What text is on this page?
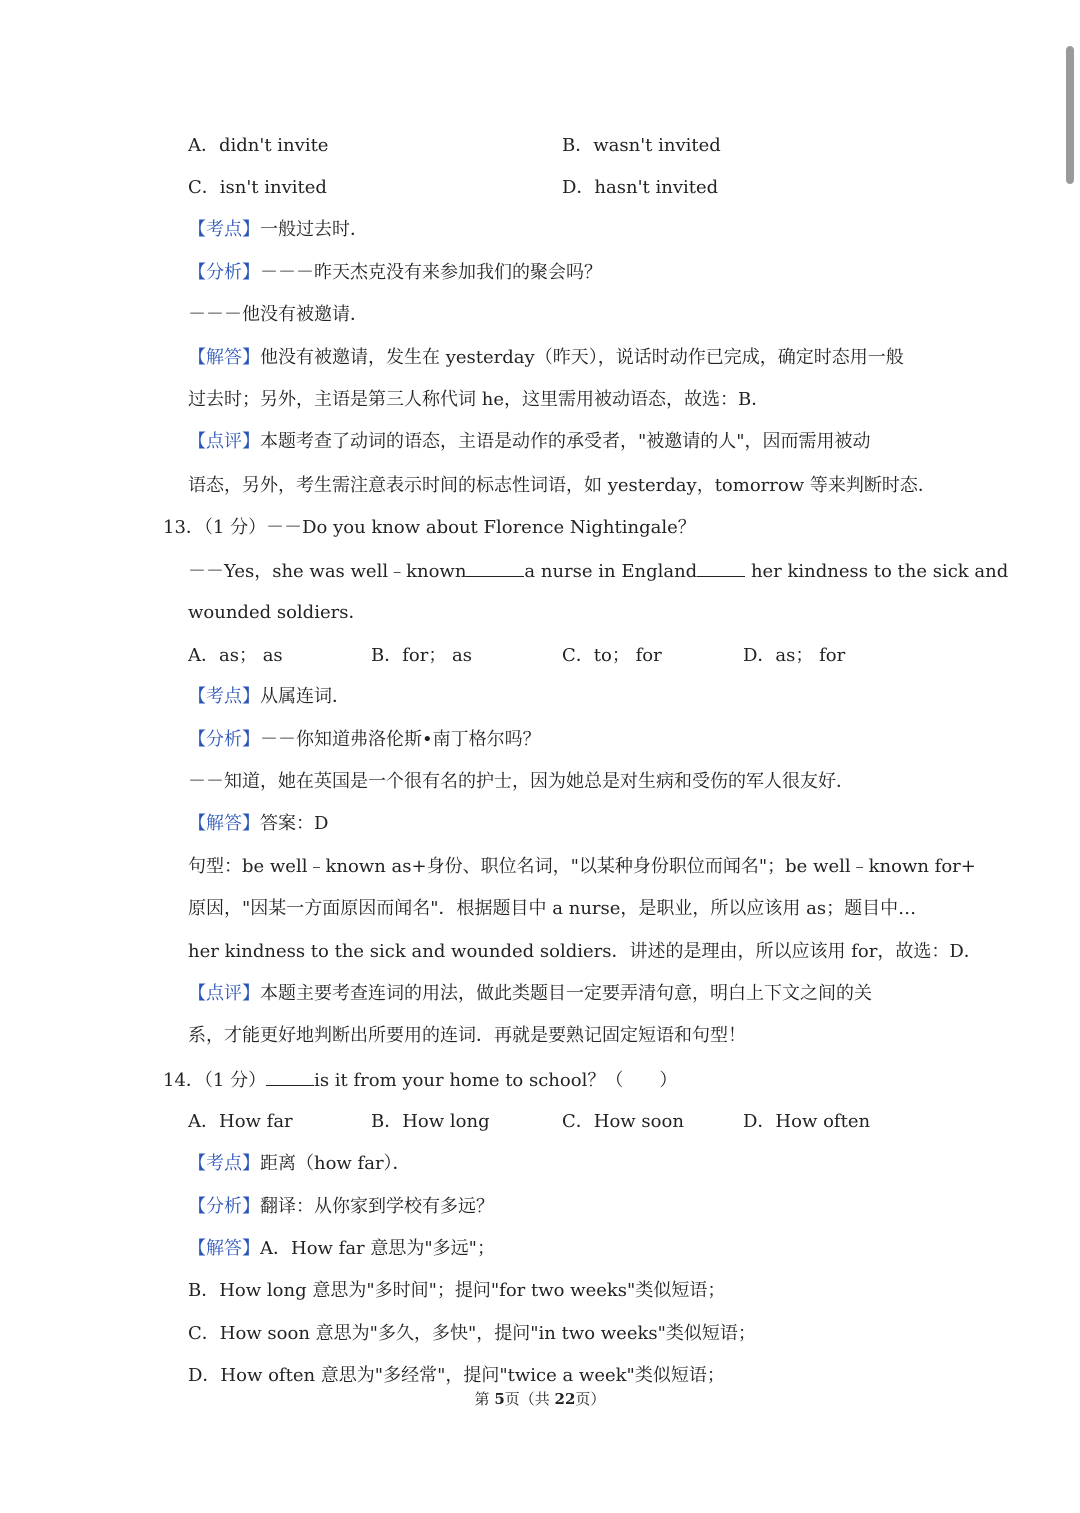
A．didn't invite	B．wasn't invited
C．isn't invited	D．hasn't invited
【考点】一般过去时．
【分析】－－－昨天杰克没有来参加我们的聚会吗？
－－－他没有被邀请．
【解答】他没有被邀请，发生在 yesterday（昨天），说话时动作已完成，确定时态用一般
过去时；另外，主语是第三人称代词 he，这里需用被动语态，故选：B．
【点评】本题考查了动词的语态，主语是动作的承受者，"被邀请的人"，因而需用被动
语态，另外，考生需注意表示时间的标志性词语，如 yesterday，tomorrow 等来判断时态．
13．（1 分）－－Do you know about Florence Nightingale？
－－Yes，she was well﹣known	a nurse in England	her kindness to the sick and
wounded soldiers．
A．as； as	B．for； as	C．to； for	D．as； for
【考点】从属连词．
【分析】－－你知道弗洛伦斯•南丁格尔吗？
－－知道，她在英国是一个很有名的护士，因为她总是对生病和受伤的军人很友好．
【解答】答案：D
句型：be well﹣known as+身份、职位名词，"以某种身份职位而闻名"；be well﹣known for+
原因，"因某一方面原因而闻名"．根据题目中 a nurse，是职业，所以应该用 as；题目中…
her kindness to the sick and wounded soldiers．讲述的是理由，所以应该用 for，故选：D．
【点评】本题主要考查连词的用法，做此类题目一定要弄清句意，明白上下文之间的关
系，才能更好地判断出所要用的连词．再就是要熟记固定短语和句型！
14．（1 分）	is it from your home to school？（　　）
A．How far	B．How long	C．How soon	D．How often
【考点】距离（how far）．
【分析】翻译：从你家到学校有多远？
【解答】A．How far 意思为"多远"；
B．How long 意思为"多时间"；提问"for two weeks"类似短语；
C．How soon 意思为"多久，多快"，提问"in two weeks"类似短语；
D．How often 意思为"多经常"，提问"twice a week"类似短语；
第 5页（共 22页）
